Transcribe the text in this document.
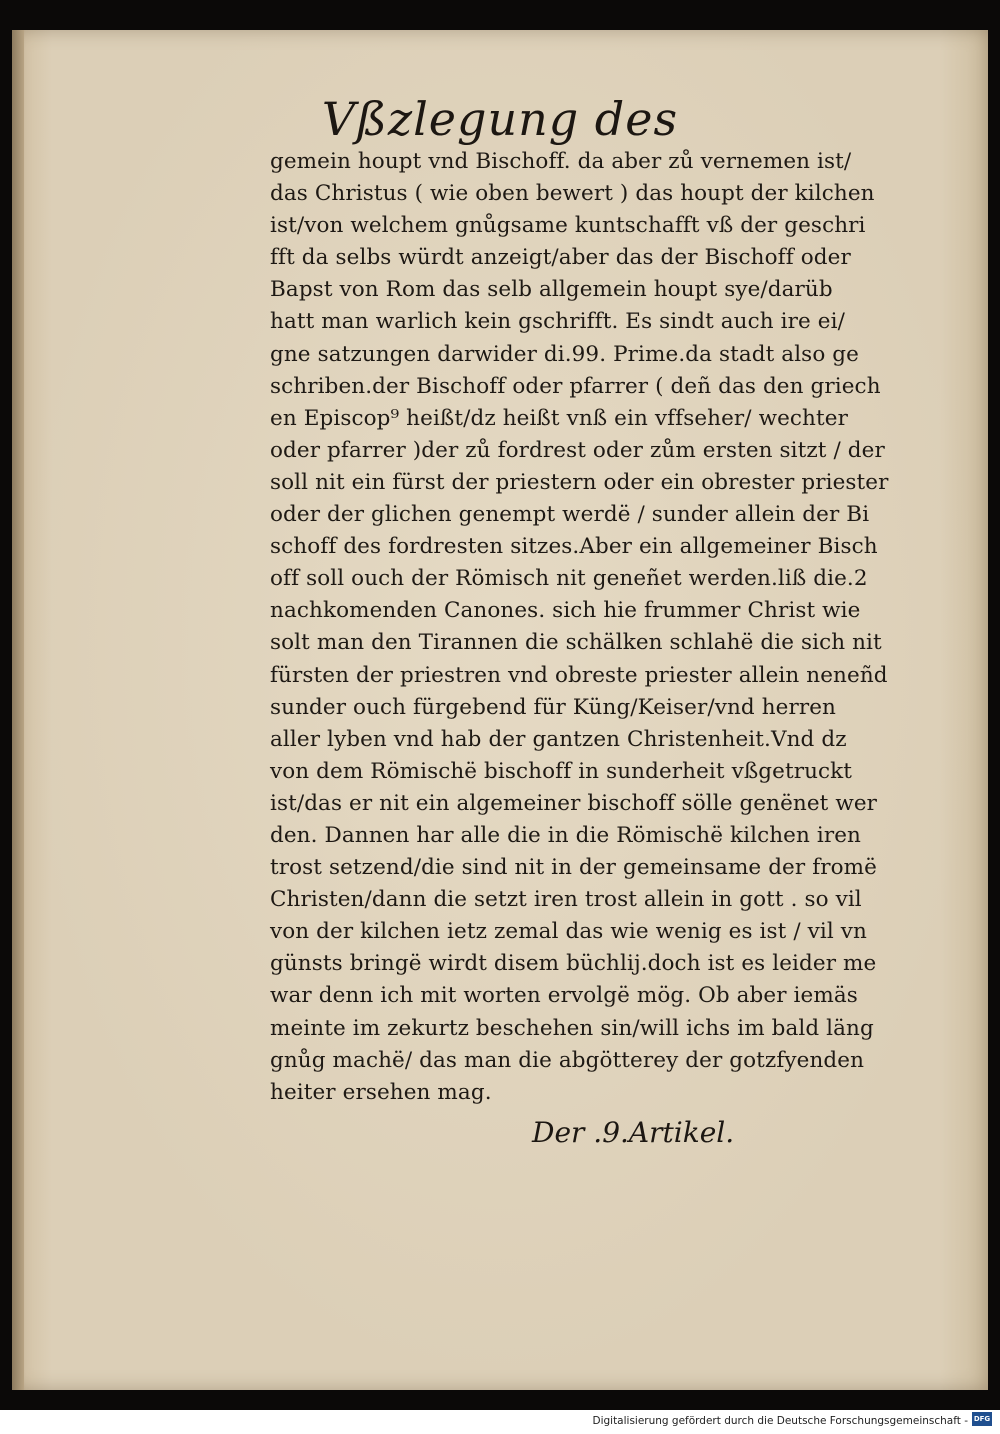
Vßzlegung des
gemein houpt vnd Bischoff. da aber zů vernemen ist/
das Christus ( wie oben bewert ) das houpt der kilchen
ist/von welchem gnůgsame kuntschafft vß der geschri
fft da selbs würdt anzeigt/aber das der Bischoff oder
Bapst von Rom das selb allgemein houpt sye/darüb
hatt man warlich kein gschrifft. Es sindt auch ire ei/
gne satzungen darwider di.99. Prime.da stadt also ge
schriben.der Bischoff oder pfarrer ( deñ das den griech
en Episcop⁹ heißt/dz heißt vnß ein vffseher/ wechter
oder pfarrer )der zů fordrest oder zům ersten sitzt / der
soll nit ein fürst der priestern oder ein obrester priester
oder der glichen genempt werdë / sunder allein der Bi
schoff des fordresten sitzes.Aber ein allgemeiner Bisch
off soll ouch der Römisch nit geneñet werden.liß die.2
nachkomenden Canones. sich hie frummer Christ wie
solt man den Tirannen die schälken schlahë die sich nit
fürsten der priestren vnd obreste priester allein neneñd
sunder ouch fürgebend für Küng/Keiser/vnd herren
aller lyben vnd hab der gantzen Christenheit.Vnd dz
von dem Römischë bischoff in sunderheit vßgetruckt
ist/das er nit ein algemeiner bischoff sölle genënet wer
den. Dannen har alle die in die Römischë kilchen iren
trost setzend/die sind nit in der gemeinsame der fromë
Christen/dann die setzt iren trost allein in gott . so vil
von der kilchen ietz zemal das wie wenig es ist / vil vn
günsts bringë wirdt disem büchlij.doch ist es leider me
war denn ich mit worten ervolgë mög. Ob aber iemäs
meinte im zekurtz beschehen sin/will ichs im bald läng
gnůg machë/ das man die abgötterey der gotzfyenden
heiter ersehen mag.
Der .9.Artikel.
Digitalisierung gefördert durch die Deutsche Forschungsgemeinschaft - DFG
